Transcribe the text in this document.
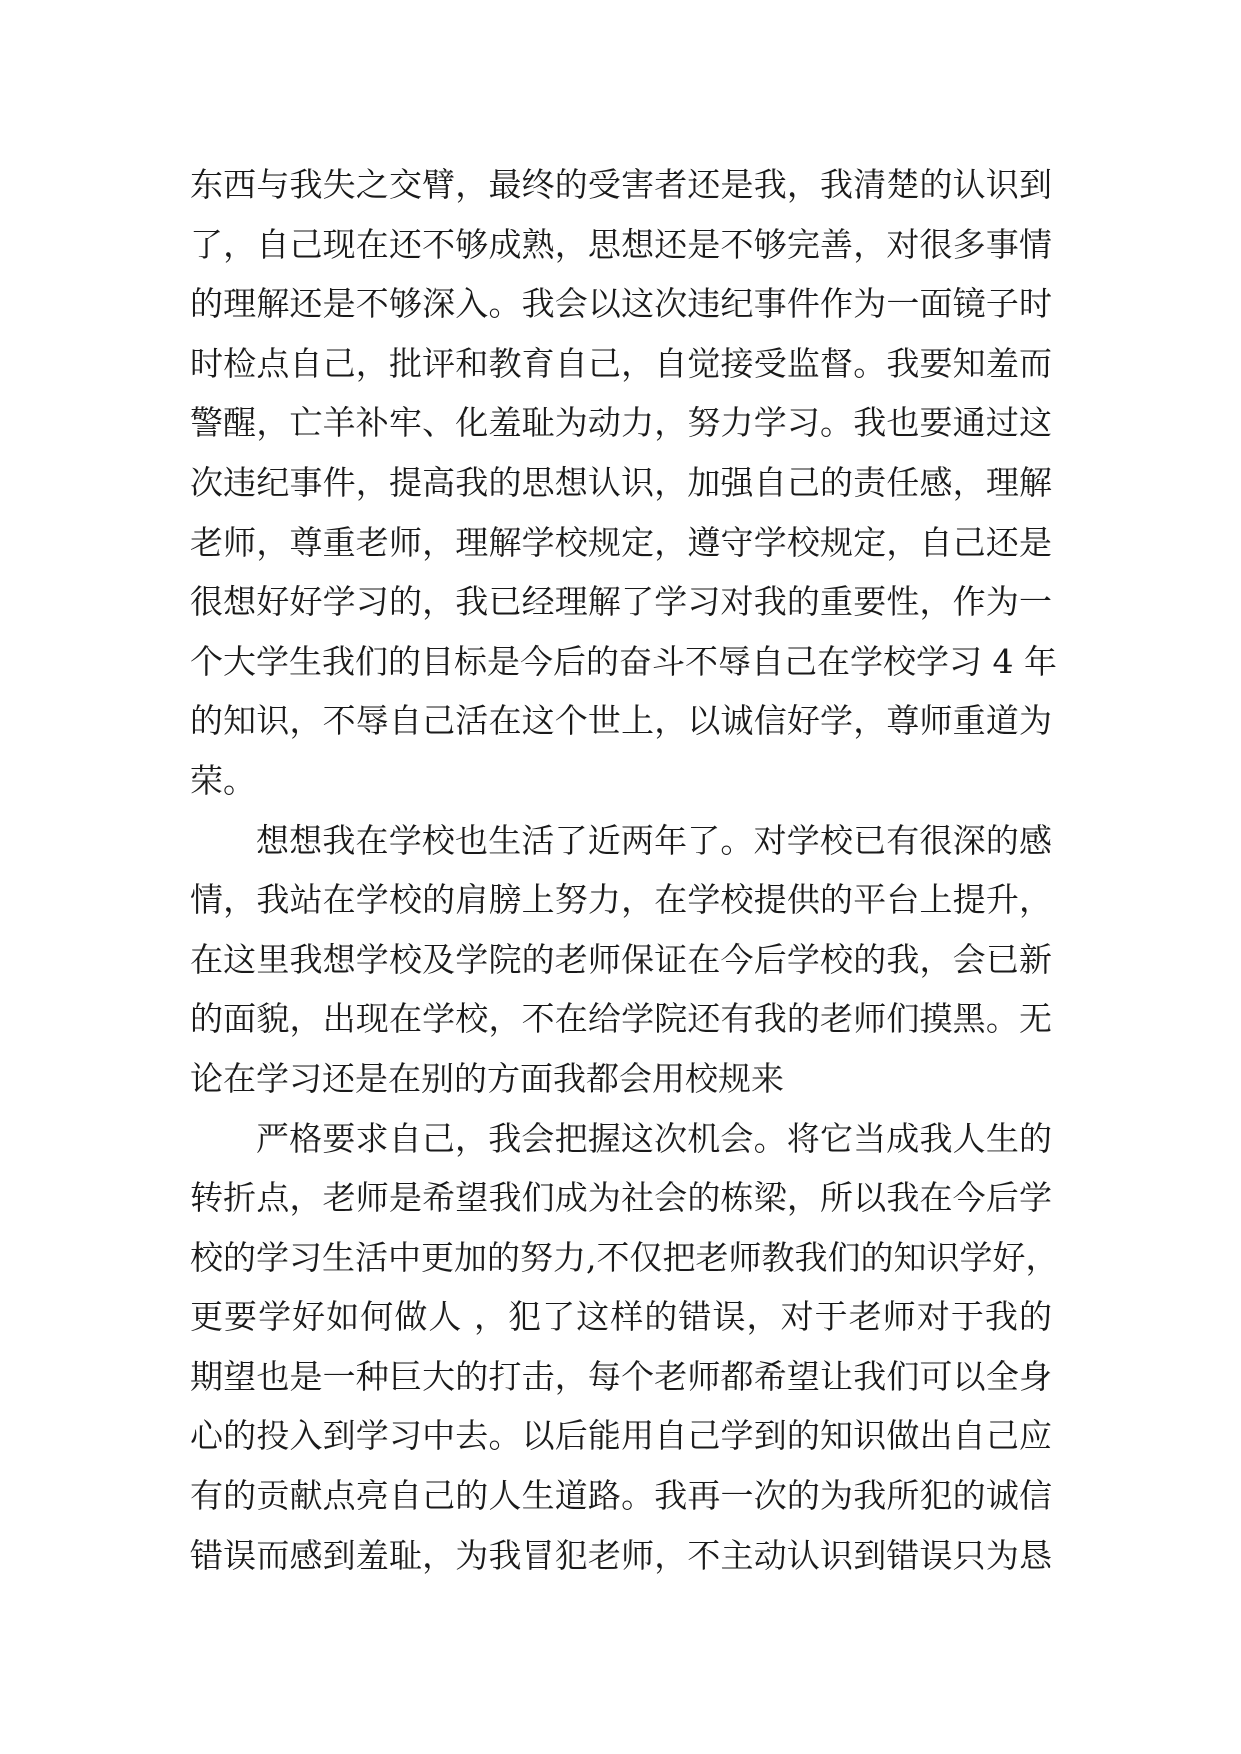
东西与我失之交臂，最终的受害者还是我，我清楚的认识到
了，自己现在还不够成熟，思想还是不够完善，对很多事情
的理解还是不够深入。我会以这次违纪事件作为一面镜子时
时检点自己，批评和教育自己，自觉接受监督。我要知羞而
警醒，亡羊补牢、化羞耻为动力，努力学习。我也要通过这
次违纪事件，提高我的思想认识，加强自己的责任感，理解
老师，尊重老师，理解学校规定，遵守学校规定，自己还是
很想好好学习的，我已经理解了学习对我的重要性，作为一
个大学生我们的目标是今后的奋斗不辱自己在学校学习 4 年
的知识，不辱自己活在这个世上，以诚信好学，尊师重道为
荣。
想想我在学校也生活了近两年了。对学校已有很深的感
情，我站在学校的肩膀上努力，在学校提供的平台上提升，
在这里我想学校及学院的老师保证在今后学校的我，会已新
的面貌，出现在学校，不在给学院还有我的老师们摸黑。无
论在学习还是在别的方面我都会用校规来
严格要求自己，我会把握这次机会。将它当成我人生的
转折点，老师是希望我们成为社会的栋梁，所以我在今后学
校的学习生活中更加的努力,不仅把老师教我们的知识学好，
更要学好如何做人 ，犯了这样的错误，对于老师对于我的
期望也是一种巨大的打击，每个老师都希望让我们可以全身
心的投入到学习中去。以后能用自己学到的知识做出自己应
有的贡献点亮自己的人生道路。我再一次的为我所犯的诚信
错误而感到羞耻，为我冒犯老师，不主动认识到错误只为恳
